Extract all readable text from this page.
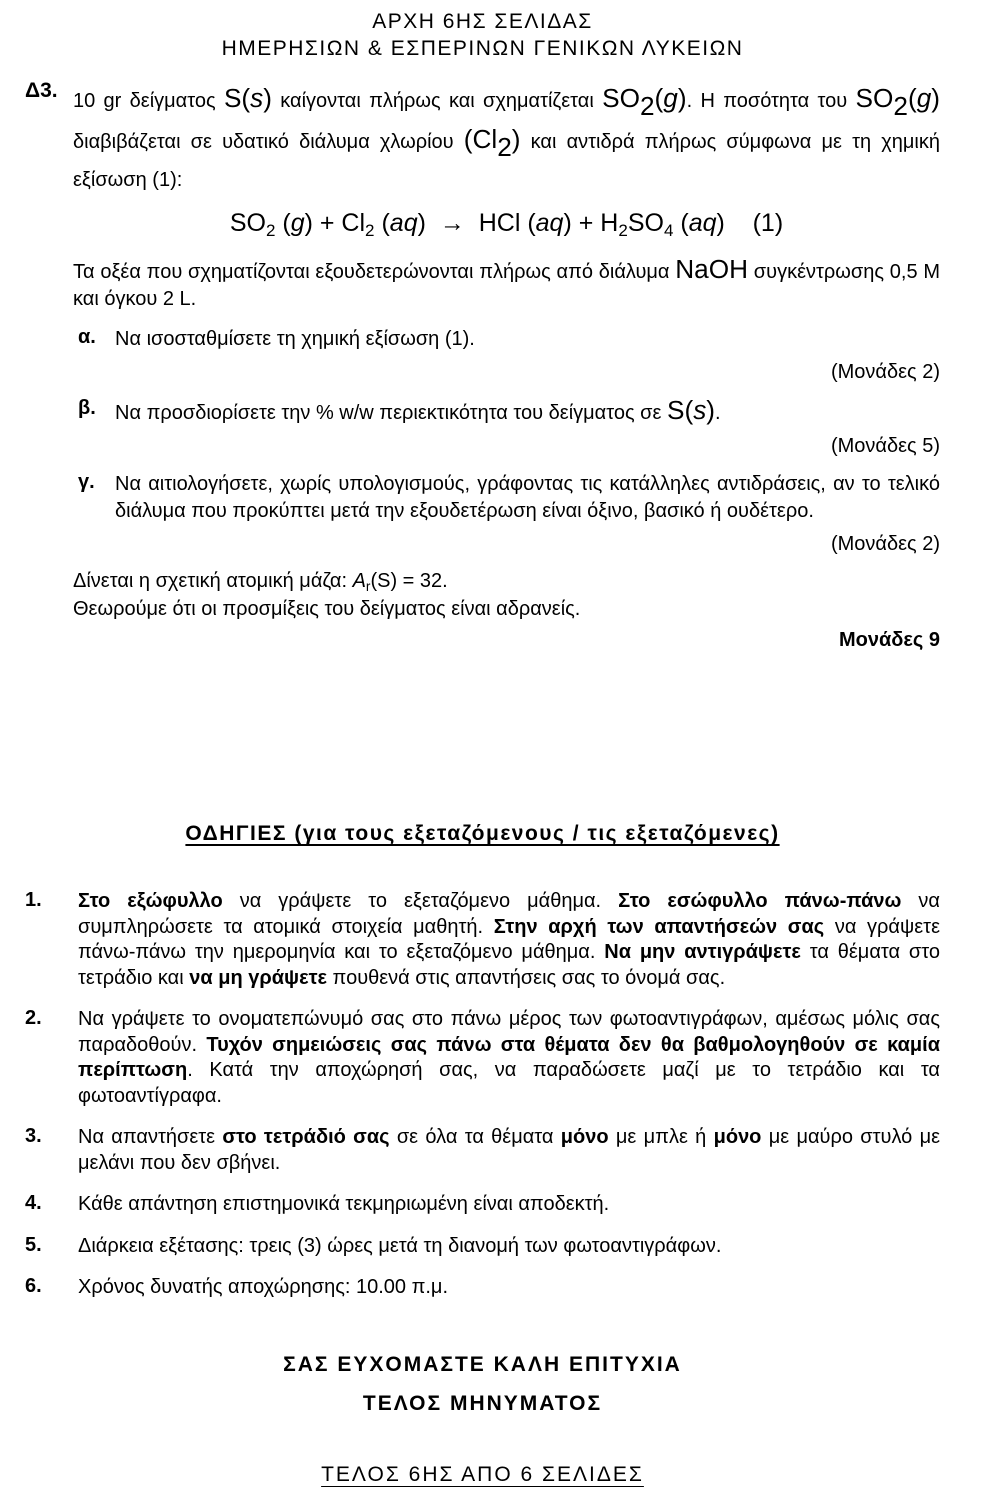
ΑΡΧΗ 6ΗΣ ΣΕΛΙΔΑΣ
ΗΜΕΡΗΣΙΩΝ & ΕΣΠΕΡΙΝΩΝ ΓΕΝΙΚΩΝ ΛΥΚΕΙΩΝ
Δ3. 10 gr δείγματος S(s) καίγονται πλήρως και σχηματίζεται SO2(g). Η ποσότητα του SO2(g) διαβιβάζεται σε υδατικό διάλυμα χλωρίου (Cl2) και αντιδρά πλήρως σύμφωνα με τη χημική εξίσωση (1):
$SO_2$ $(g) + Cl_2$ (aq)  →  HCl $(aq) + H_2SO_4$ (aq)    (1)
Τα οξέα που σχηματίζονται εξουδετερώνονται πλήρως από διάλυμα NaOH συγκέντρωσης 0,5 M και όγκου 2 L.
α. Να ισοσταθμίσετε τη χημική εξίσωση (1).
(Μονάδες 2)
β. Να προσδιορίσετε την % w/w περιεκτικότητα του δείγματος σε S(s).
(Μονάδες 5)
γ.	Να αιτιολογήσετε, χωρίς υπολογισμούς, γράφοντας τις κατάλληλες αντιδράσεις, αν το τελικό διάλυμα που προκύπτει μετά την εξουδετέρωση είναι όξινο, βασικό ή ουδέτερο.
(Μονάδες 2)
Δίνεται η σχετική ατομική μάζα: $A_r(S) = 32$.
Θεωρούμε ότι οι προσμίξεις του δείγματος είναι αδρανείς.
Μονάδες 9
ΟΔΗΓΙΕΣ (για τους εξεταζόμενους / τις εξεταζόμενες)
1.	Στο εξώφυλλο να γράψετε το εξεταζόμενο μάθημα. Στο εσώφυλλο πάνω-πάνω να συμπληρώσετε τα ατομικά στοιχεία μαθητή. Στην αρχή των απαντήσεών σας να γράψετε πάνω-πάνω την ημερομηνία και το εξεταζόμενο μάθημα. Να μην αντιγράψετε τα θέματα στο τετράδιο και να μη γράψετε πουθενά στις απαντήσεις σας το όνομά σας.
2.	Να γράψετε το ονοματεπώνυμό σας στο πάνω μέρος των φωτοαντιγράφων, αμέσως μόλις σας παραδοθούν. Τυχόν σημειώσεις σας πάνω στα θέματα δεν θα βαθμολογηθούν σε καμία περίπτωση. Κατά την αποχώρησή σας, να παραδώσετε μαζί με το τετράδιο και τα φωτοαντίγραφα.
3.	Να απαντήσετε στο τετράδιό σας σε όλα τα θέματα μόνο με μπλε ή μόνο με μαύρο στυλό με μελάνι που δεν σβήνει.
4.	Κάθε απάντηση επιστημονικά τεκμηριωμένη είναι αποδεκτή.
5.	Διάρκεια εξέτασης: τρεις (3) ώρες μετά τη διανομή των φωτοαντιγράφων.
6.	Χρόνος δυνατής αποχώρησης: 10.00 π.μ.
ΣΑΣ ΕΥΧΟΜΑΣΤΕ ΚΑΛΗ ΕΠΙΤΥΧΙΑ
ΤΕΛΟΣ ΜΗΝΥΜΑΤΟΣ
ΤΕΛΟΣ 6ΗΣ ΑΠΟ 6 ΣΕΛΙΔΕΣ
